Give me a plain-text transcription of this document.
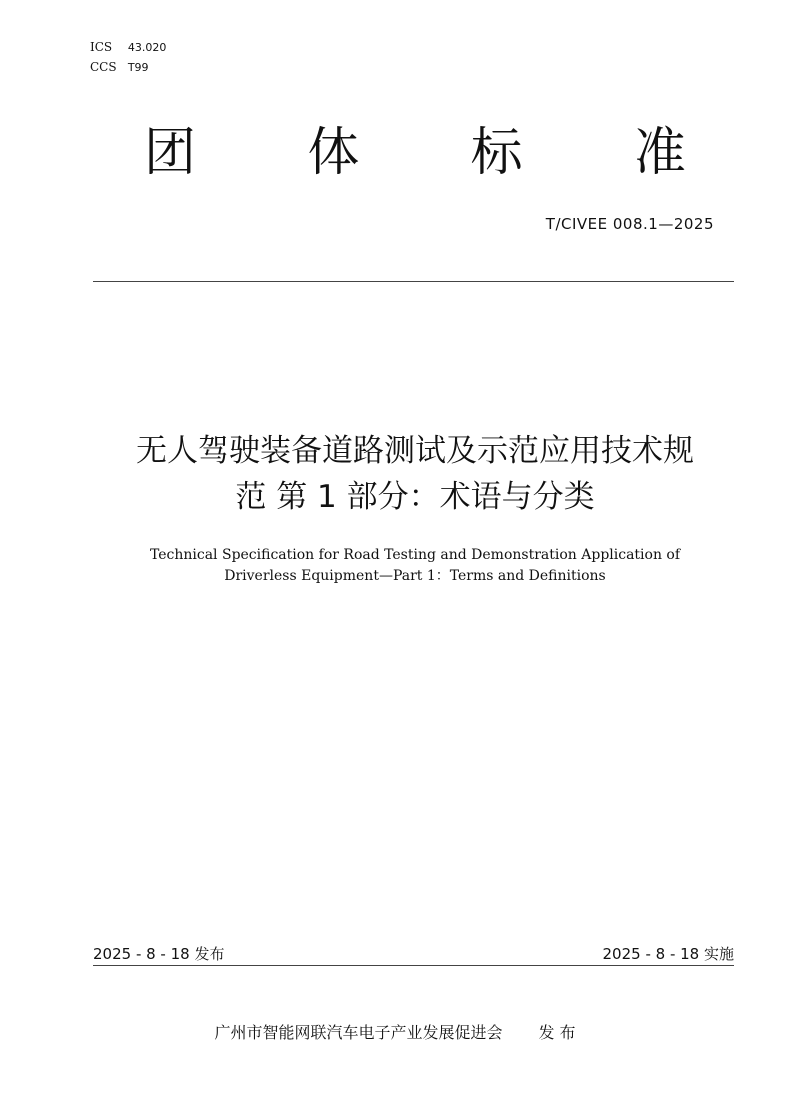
ICS 43.020
CCS T99
团 体 标 准
T/CIVEE 008.1—2025
无人驾驶装备道路测试及示范应用技术规
范 第 1 部分：术语与分类
Technical Specification for Road Testing and Demonstration Application of
Driverless Equipment—Part 1：Terms and Definitions
2025 - 8 - 18 发布	2025 - 8 - 18 实施
广州市智能网联汽车电子产业发展促进会 发 布
